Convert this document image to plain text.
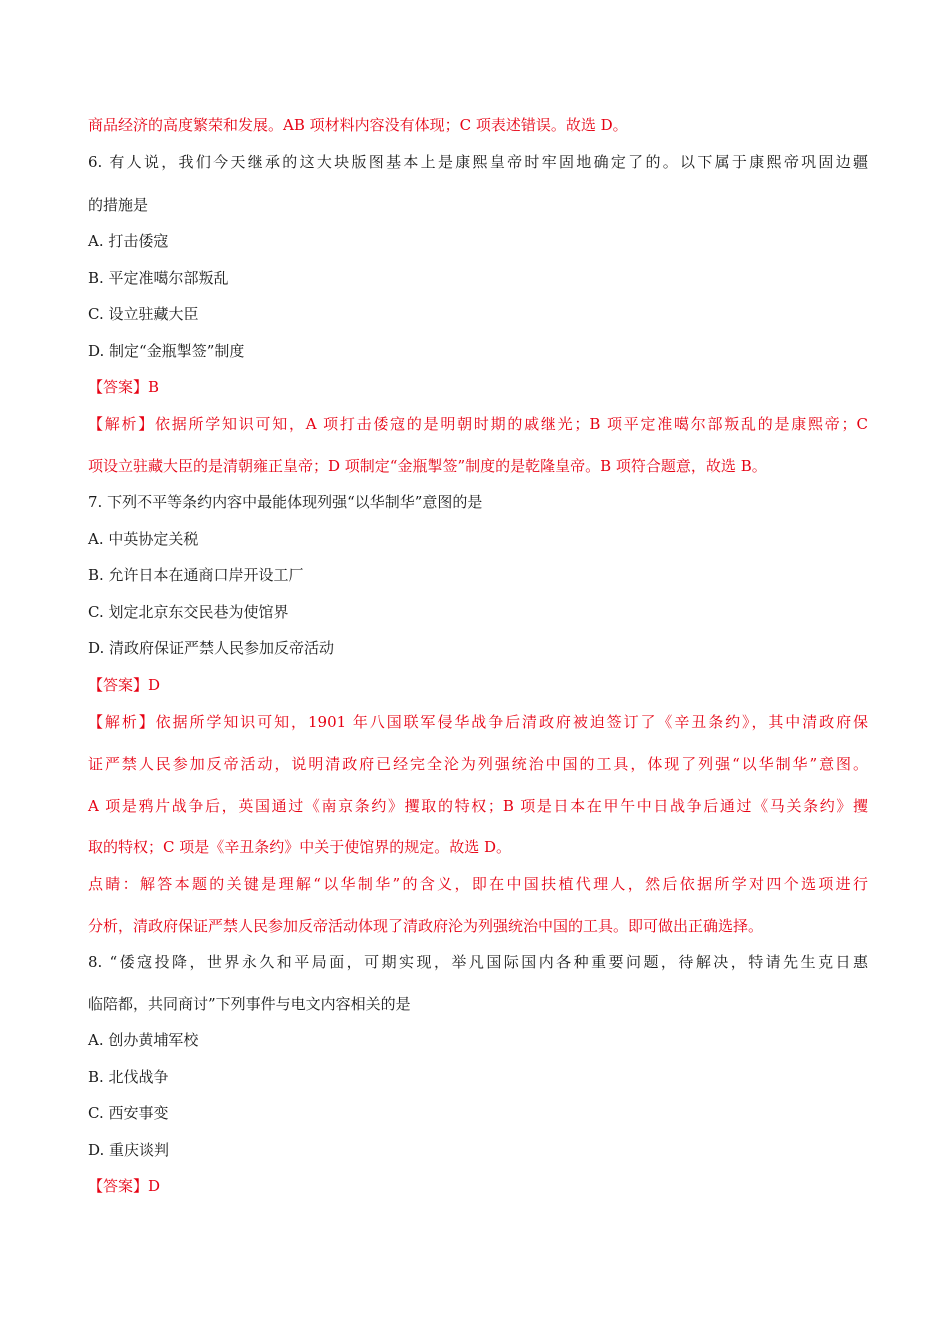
商品经济的高度繁荣和发展。AB 项材料内容没有体现；C 项表述错误。故选 D。
6. 有人说，我们今天继承的这大块版图基本上是康熙皇帝时牢固地确定了的。以下属于康熙帝巩固边疆
的措施是
A. 打击倭寇
B. 平定准噶尔部叛乱
C. 设立驻藏大臣
D. 制定“金瓶掣签”制度
【答案】B
【解析】依据所学知识可知，A 项打击倭寇的是明朝时期的戚继光；B 项平定准噶尔部叛乱的是康熙帝；C
项设立驻藏大臣的是清朝雍正皇帝；D 项制定“金瓶掣签”制度的是乾隆皇帝。B 项符合题意，故选 B。
7. 下列不平等条约内容中最能体现列强“以华制华”意图的是
A. 中英协定关税
B. 允许日本在通商口岸开设工厂
C. 划定北京东交民巷为使馆界
D. 清政府保证严禁人民参加反帝活动
【答案】D
【解析】依据所学知识可知，1901 年八国联军侵华战争后清政府被迫签订了《辛丑条约》，其中清政府保
证严禁人民参加反帝活动，说明清政府已经完全沦为列强统治中国的工具，体现了列强“以华制华”意图。
A 项是鸦片战争后，英国通过《南京条约》攫取的特权；B 项是日本在甲午中日战争后通过《马关条约》攫
取的特权；C 项是《辛丑条约》中关于使馆界的规定。故选 D。
点睛：解答本题的关键是理解“以华制华”的含义，即在中国扶植代理人，然后依据所学对四个选项进行
分析，清政府保证严禁人民参加反帝活动体现了清政府沦为列强统治中国的工具。即可做出正确选择。
8. “倭寇投降，世界永久和平局面，可期实现，举凡国际国内各种重要问题，待解决，特请先生克日惠
临陪都，共同商讨”下列事件与电文内容相关的是
A. 创办黄埔军校
B. 北伐战争
C. 西安事变
D. 重庆谈判
【答案】D
